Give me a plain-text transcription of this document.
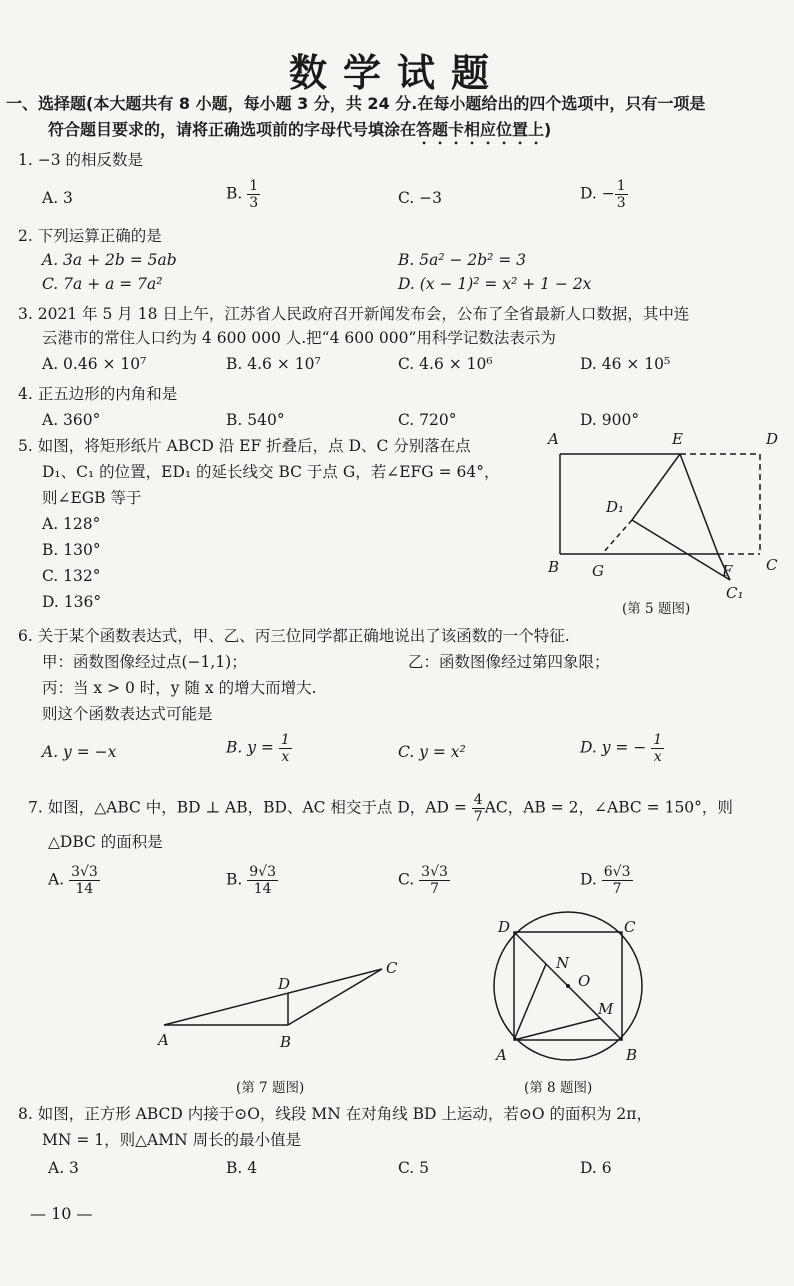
数学试题
一、选择题(本大题共有 8 小题，每小题 3 分，共 24 分.在每小题给出的四个选项中，只有一项是
符合题目要求的，请将正确选项前的字母代号填涂在答题卡相应位置上)
1. −3 的相反数是
A. 3	B. $\frac{1}{3}$	C. −3	D. − $\frac{1}{3}$
2. 下列运算正确的是
A. 3a + 2b = 5ab	B. 5a² − 2b² = 3
C. 7a + a = 7a²	D. (x − 1)² = x² + 1 − 2x
3. 2021 年 5 月 18 日上午，江苏省人民政府召开新闻发布会，公布了全省最新人口数据，其中连
云港市的常住人口约为 4 600 000 人.把“4 600 000”用科学记数法表示为
A. 0.46 × 10⁷	B. 4.6 × 10⁷	C. 4.6 × 10⁶	D. 46 × 10⁵
4. 正五边形的内角和是
A. 360°	B. 540°	C. 720°	D. 900°
5. 如图，将矩形纸片 ABCD 沿 EF 折叠后，点 D、C 分别落在点
D₁、C₁ 的位置，ED₁ 的延长线交 BC 于点 G，若∠EFG = 64°，
则∠EGB 等于
A. 128°
B. 130°
C. 132°
D. 136°
A	E	D
D₁
B G	F C
C₁
(第 5 题图)
6. 关于某个函数表达式，甲、乙、丙三位同学都正确地说出了该函数的一个特征.
甲：函数图像经过点(−1,1)；	乙：函数图像经过第四象限；
丙：当 x > 0 时，y 随 x 的增大而增大.
则这个函数表达式可能是
A. y = −x	B. $y = \frac{1}{x}$	C. y = x²	D. y = − $\frac{1}{x}$
7. 如图，△ABC 中，BD ⊥ AB，BD、AC 相交于点 D，AD = $\frac{4}{7}$ AC，AB = 2，∠ABC = 150°，则
△DBC 的面积是
A. $\frac{3√3}{14}$	B. $\frac{9√3}{14}$	C. $\frac{3√3}{7}$	D. $\frac{6√3}{7}$
A	B
C
D
(第 7 题图)
D	C
N
O
M
A	B
(第 8 题图)
8. 如图，正方形 ABCD 内接于⊙O，线段 MN 在对角线 BD 上运动，若⊙O 的面积为 2π，
MN = 1，则△AMN 周长的最小值是
A. 3	B. 4	C. 5	D. 6
— 10 —
